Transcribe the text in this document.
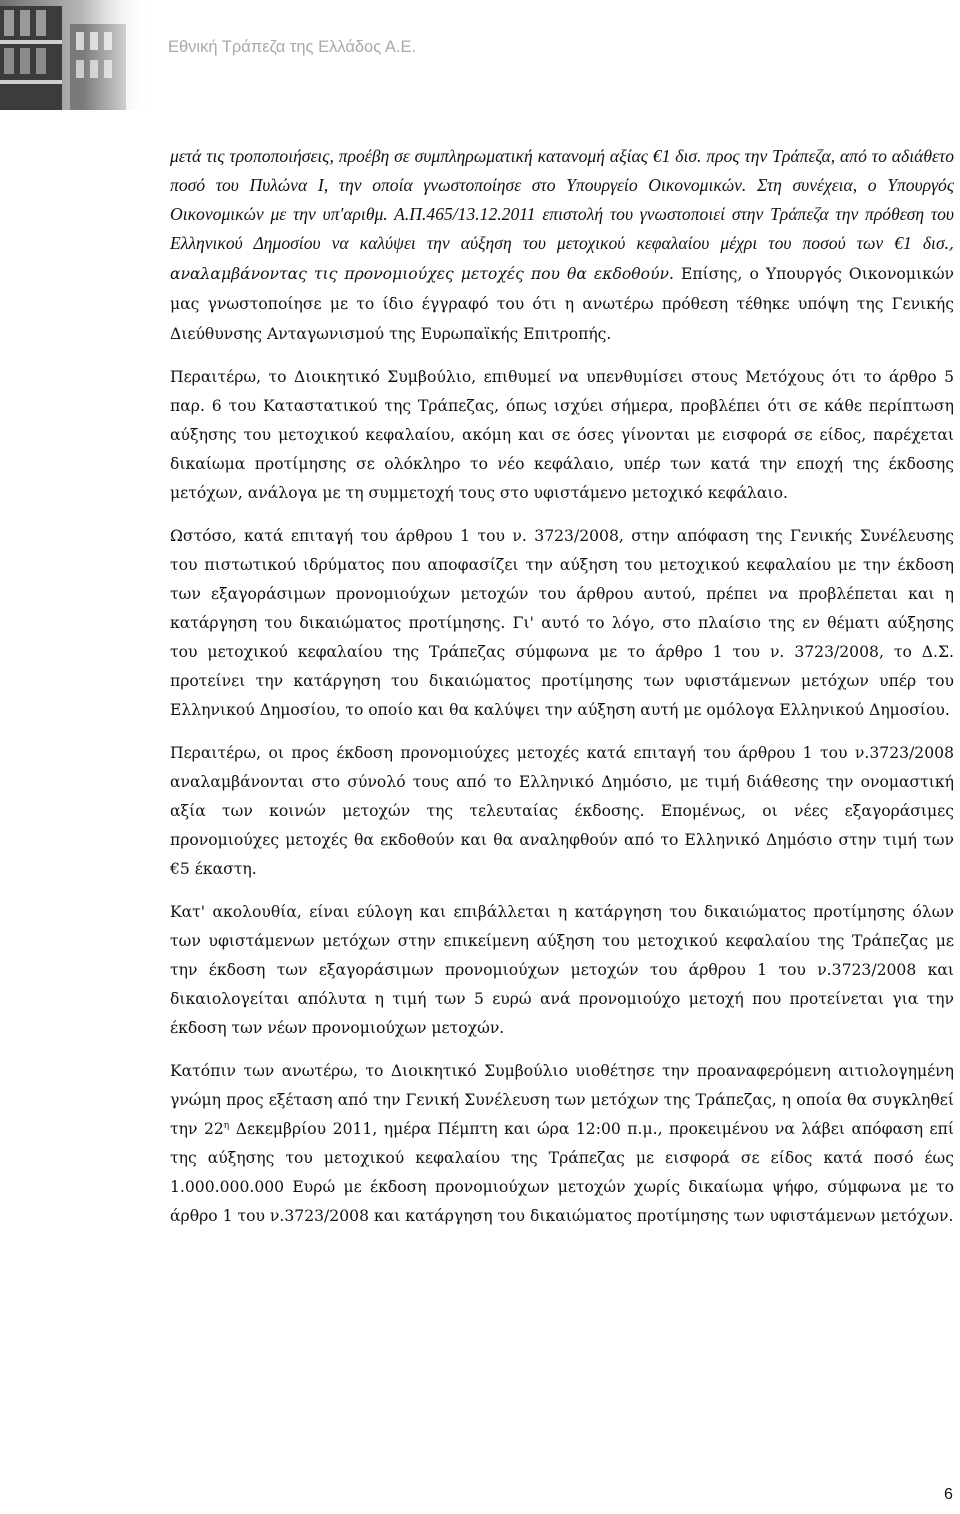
Εθνική Τράπεζα της Ελλάδος Α.Ε.

μετά τις τροποποιήσεις, προέβη σε συμπληρωματική κατανομή αξίας €1 δισ. προς την Τράπεζα, από το αδιάθετο ποσό του Πυλώνα Ι, την οποία γνωστοποίησε στο Υπουργείο Οικονομικών. Στη συνέχεια, ο Υπουργός Οικονομικών με την υπ'αριθμ. Α.Π.465/13.12.2011 επιστολή του γνωστοποιεί στην Τράπεζα την πρόθεση του Ελληνικού Δημοσίου να καλύψει την αύξηση του μετοχικού κεφαλαίου μέχρι του ποσού των €1 δισ., αναλαμβάνοντας τις προνομιούχες μετοχές που θα εκδοθούν. Επίσης, ο Υπουργός Οικονομικών μας γνωστοποίησε με το ίδιο έγγραφό του ότι η ανωτέρω πρόθεση τέθηκε υπόψη της Γενικής Διεύθυνσης Ανταγωνισμού της Ευρωπαϊκής Επιτροπής.

Περαιτέρω, το Διοικητικό Συμβούλιο, επιθυμεί να υπενθυμίσει στους Μετόχους ότι το άρθρο 5 παρ. 6 του Καταστατικού της Τράπεζας, όπως ισχύει σήμερα, προβλέπει ότι σε κάθε περίπτωση αύξησης του μετοχικού κεφαλαίου, ακόμη και σε όσες γίνονται με εισφορά σε είδος, παρέχεται δικαίωμα προτίμησης σε ολόκληρο το νέο κεφάλαιο, υπέρ των κατά την εποχή της έκδοσης μετόχων, ανάλογα με τη συμμετοχή τους στο υφιστάμενο μετοχικό κεφάλαιο.

Ωστόσο, κατά επιταγή του άρθρου 1 του ν. 3723/2008, στην απόφαση της Γενικής Συνέλευσης του πιστωτικού ιδρύματος που αποφασίζει την αύξηση του μετοχικού κεφαλαίου με την έκδοση των εξαγοράσιμων προνομιούχων μετοχών του άρθρου αυτού, πρέπει να προβλέπεται και η κατάργηση του δικαιώματος προτίμησης. Γι' αυτό το λόγο, στο πλαίσιο της εν θέματι αύξησης του μετοχικού κεφαλαίου της Τράπεζας σύμφωνα με το άρθρο 1 του ν. 3723/2008, το Δ.Σ. προτείνει την κατάργηση του δικαιώματος προτίμησης των υφιστάμενων μετόχων υπέρ του Ελληνικού Δημοσίου, το οποίο και θα καλύψει την αύξηση αυτή με ομόλογα Ελληνικού Δημοσίου.

Περαιτέρω, οι προς έκδοση προνομιούχες μετοχές κατά επιταγή του άρθρου 1 του ν.3723/2008 αναλαμβάνονται στο σύνολό τους από το Ελληνικό Δημόσιο, με τιμή διάθεσης την ονομαστική αξία των κοινών μετοχών της τελευταίας έκδοσης. Επομένως, οι νέες εξαγοράσιμες προνομιούχες μετοχές θα εκδοθούν και θα αναληφθούν από το Ελληνικό Δημόσιο στην τιμή των €5 έκαστη.

Κατ' ακολουθία, είναι εύλογη και επιβάλλεται η κατάργηση του δικαιώματος προτίμησης όλων των υφιστάμενων μετόχων στην επικείμενη αύξηση του μετοχικού κεφαλαίου της Τράπεζας με την έκδοση των εξαγοράσιμων προνομιούχων μετοχών του άρθρου 1 του ν.3723/2008 και δικαιολογείται απόλυτα η τιμή των 5 ευρώ ανά προνομιούχο μετοχή που προτείνεται για την έκδοση των νέων προνομιούχων μετοχών.

Κατόπιν των ανωτέρω, το Διοικητικό Συμβούλιο υιοθέτησε την προαναφερόμενη αιτιολογημένη γνώμη προς εξέταση από την Γενική Συνέλευση των μετόχων της Τράπεζας, η οποία θα συγκληθεί την $22^\eta$ Δεκεμβρίου 2011, ημέρα Πέμπτη και ώρα 12:00 π.μ., προκειμένου να λάβει απόφαση επί της αύξησης του μετοχικού κεφαλαίου της Τράπεζας με εισφορά σε είδος κατά ποσό έως 1.000.000.000 Ευρώ με έκδοση προνομιούχων μετοχών χωρίς δικαίωμα ψήφο, σύμφωνα με το άρθρο 1 του ν.3723/2008 και κατάργηση του δικαιώματος προτίμησης των υφιστάμενων μετόχων.

6
